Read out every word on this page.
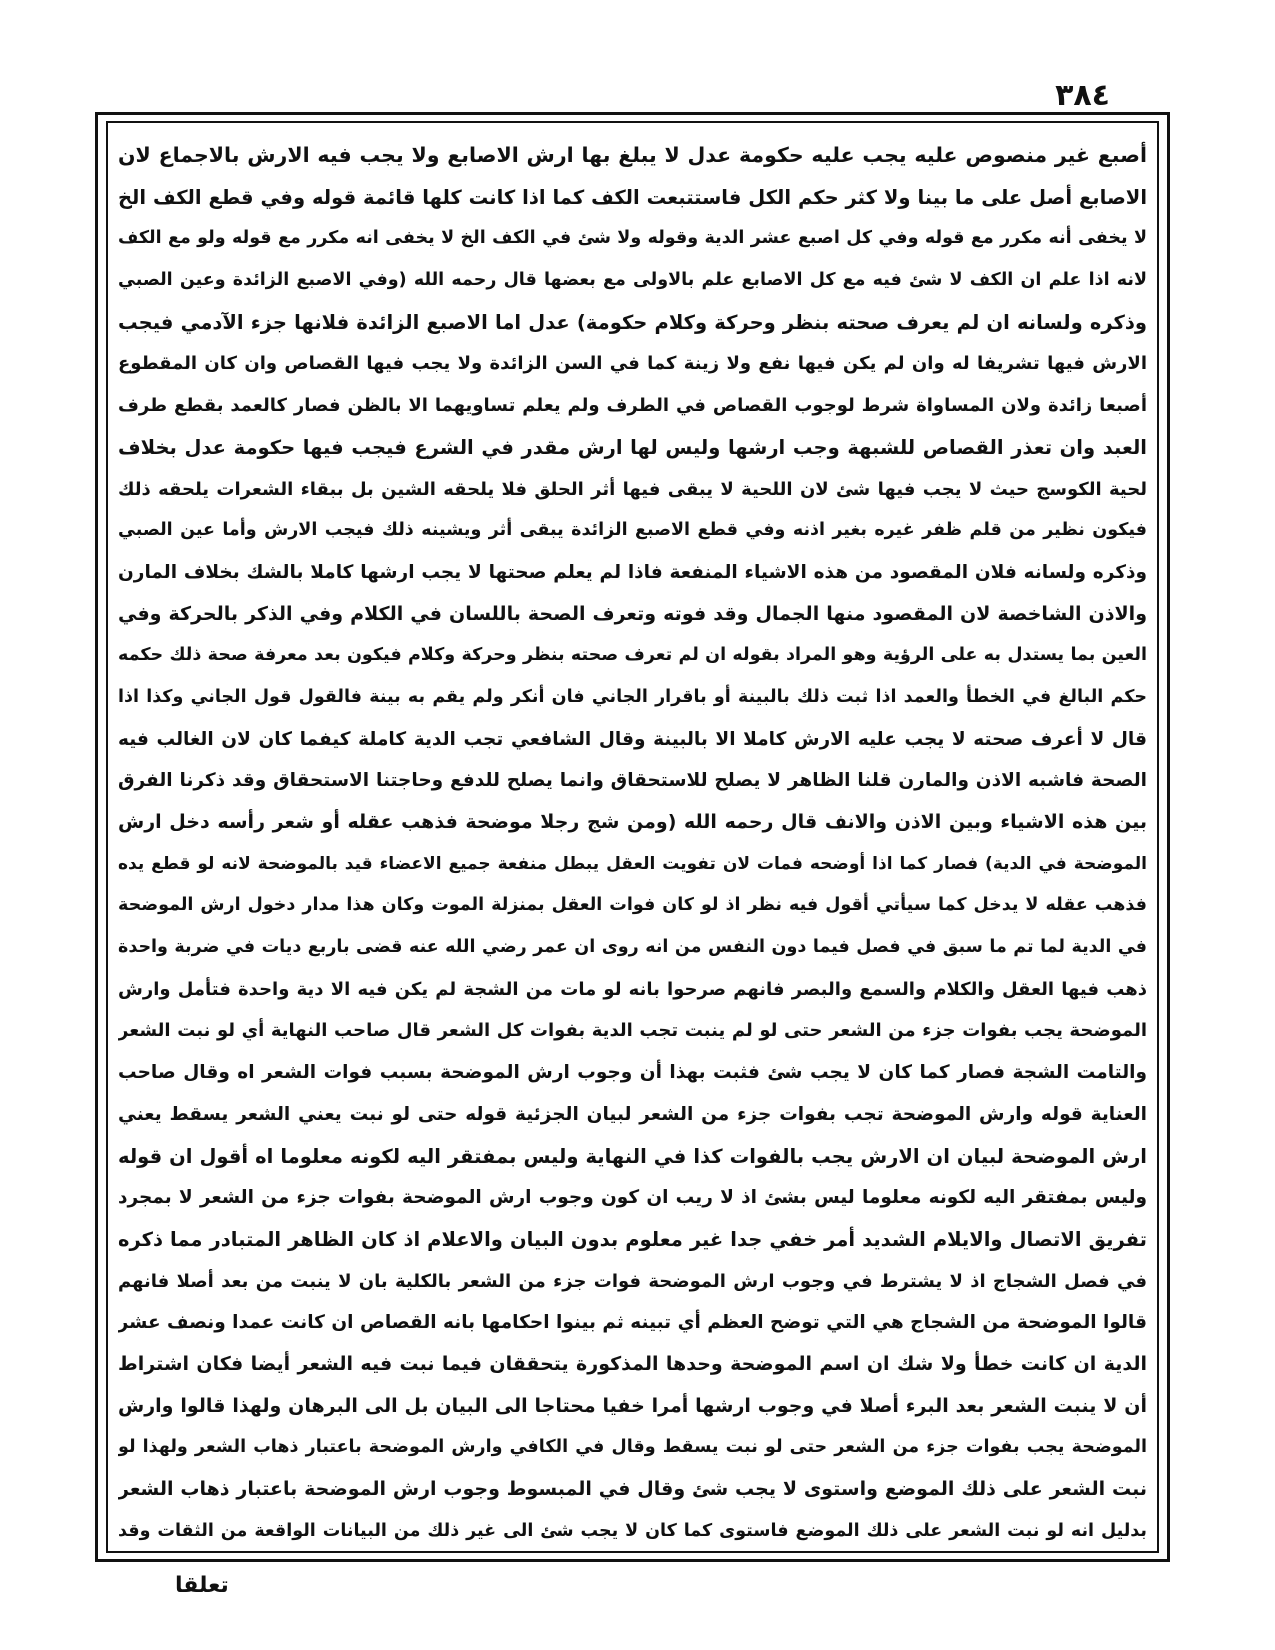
٣٨٤
أصبع غير منصوص عليه يجب عليه حكومة عدل لا يبلغ بها ارش الاصابع ولا يجب فيه الارش بالاجماع لان
الاصابع أصل على ما بينا ولا كثر حكم الكل فاستتبعت الكف كما اذا كانت كلها قائمة قوله وفي قطع الكف الخ
لا يخفى أنه مكرر مع قوله وفي كل اصبع عشر الدية وقوله ولا شئ في الكف الخ لا يخفى انه مكرر مع قوله ولو مع الكف
لانه اذا علم ان الكف لا شئ فيه مع كل الاصابع علم بالاولى مع بعضها قال رحمه الله (وفي الاصبع الزائدة وعين الصبي
وذكره ولسانه ان لم يعرف صحته بنظر وحركة وكلام حكومة) عدل اما الاصبع الزائدة فلانها جزء الآدمي فيجب
الارش فيها تشريفا له وان لم يكن فيها نفع ولا زينة كما في السن الزائدة ولا يجب فيها القصاص وان كان المقطوع
أصبعا زائدة ولان المساواة شرط لوجوب القصاص في الطرف ولم يعلم تساويهما الا بالظن فصار كالعمد بقطع طرف
العبد وان تعذر القصاص للشبهة وجب ارشها وليس لها ارش مقدر في الشرع فيجب فيها حكومة عدل بخلاف
لحية الكوسج حيث لا يجب فيها شئ لان اللحية لا يبقى فيها أثر الحلق فلا يلحقه الشين بل ببقاء الشعرات يلحقه ذلك
فيكون نظير من قلم ظفر غيره بغير اذنه وفي قطع الاصبع الزائدة يبقى أثر ويشينه ذلك فيجب الارش وأما عين الصبي
وذكره ولسانه فلان المقصود من هذه الاشياء المنفعة فاذا لم يعلم صحتها لا يجب ارشها كاملا بالشك بخلاف المارن
والاذن الشاخصة لان المقصود منها الجمال وقد فوته وتعرف الصحة باللسان في الكلام وفي الذكر بالحركة وفي
العين بما يستدل به على الرؤية وهو المراد بقوله ان لم تعرف صحته بنظر وحركة وكلام فيكون بعد معرفة صحة ذلك حكمه
حكم البالغ في الخطأ والعمد اذا ثبت ذلك بالبينة أو باقرار الجاني فان أنكر ولم يقم به بينة فالقول قول الجاني وكذا اذا
قال لا أعرف صحته لا يجب عليه الارش كاملا الا بالبينة وقال الشافعي تجب الدية كاملة كيفما كان لان الغالب فيه
الصحة فاشبه الاذن والمارن قلنا الظاهر لا يصلح للاستحقاق وانما يصلح للدفع وحاجتنا الاستحقاق وقد ذكرنا الفرق
بين هذه الاشياء وبين الاذن والانف قال رحمه الله (ومن شج رجلا موضحة فذهب عقله أو شعر رأسه دخل ارش
الموضحة في الدية) فصار كما اذا أوضحه فمات لان تفويت العقل يبطل منفعة جميع الاعضاء قيد بالموضحة لانه لو قطع يده
فذهب عقله لا يدخل كما سيأتي أقول فيه نظر اذ لو كان فوات العقل بمنزلة الموت وكان هذا مدار دخول ارش الموضحة
في الدية لما تم ما سبق في فصل فيما دون النفس من انه روى ان عمر رضي الله عنه قضى باربع ديات في ضربة واحدة
ذهب فيها العقل والكلام والسمع والبصر فانهم صرحوا بانه لو مات من الشجة لم يكن فيه الا دية واحدة فتأمل وارش
الموضحة يجب بفوات جزء من الشعر حتى لو لم ينبت تجب الدية بفوات كل الشعر قال صاحب النهاية أي لو نبت الشعر
والتامت الشجة فصار كما كان لا يجب شئ فثبت بهذا أن وجوب ارش الموضحة بسبب فوات الشعر اه وقال صاحب
العناية قوله وارش الموضحة تجب بفوات جزء من الشعر لبيان الجزئية قوله حتى لو نبت يعني الشعر يسقط يعني
ارش الموضحة لبيان ان الارش يجب بالفوات كذا في النهاية وليس بمفتقر اليه لكونه معلوما اه أقول ان قوله
وليس بمفتقر اليه لكونه معلوما ليس بشئ اذ لا ريب ان كون وجوب ارش الموضحة بفوات جزء من الشعر لا بمجرد
تفريق الاتصال والايلام الشديد أمر خفي جدا غير معلوم بدون البيان والاعلام اذ كان الظاهر المتبادر مما ذكره
في فصل الشجاج اذ لا يشترط في وجوب ارش الموضحة فوات جزء من الشعر بالكلية بان لا ينبت من بعد أصلا فانهم
قالوا الموضحة من الشجاج هي التي توضح العظم أي تبينه ثم بينوا احكامها بانه القصاص ان كانت عمدا ونصف عشر
الدية ان كانت خطأ ولا شك ان اسم الموضحة وحدها المذكورة يتحققان فيما نبت فيه الشعر أيضا فكان اشتراط
أن لا ينبت الشعر بعد البرء أصلا في وجوب ارشها أمرا خفيا محتاجا الى البيان بل الى البرهان ولهذا قالوا وارش
الموضحة يجب بفوات جزء من الشعر حتى لو نبت يسقط وقال في الكافي وارش الموضحة باعتبار ذهاب الشعر ولهذا لو
نبت الشعر على ذلك الموضع واستوى لا يجب شئ وقال في المبسوط وجوب ارش الموضحة باعتبار ذهاب الشعر
بدليل انه لو نبت الشعر على ذلك الموضع فاستوى كما كان لا يجب شئ الى غير ذلك من البيانات الواقعة من الثقات وقد
تعلقا
